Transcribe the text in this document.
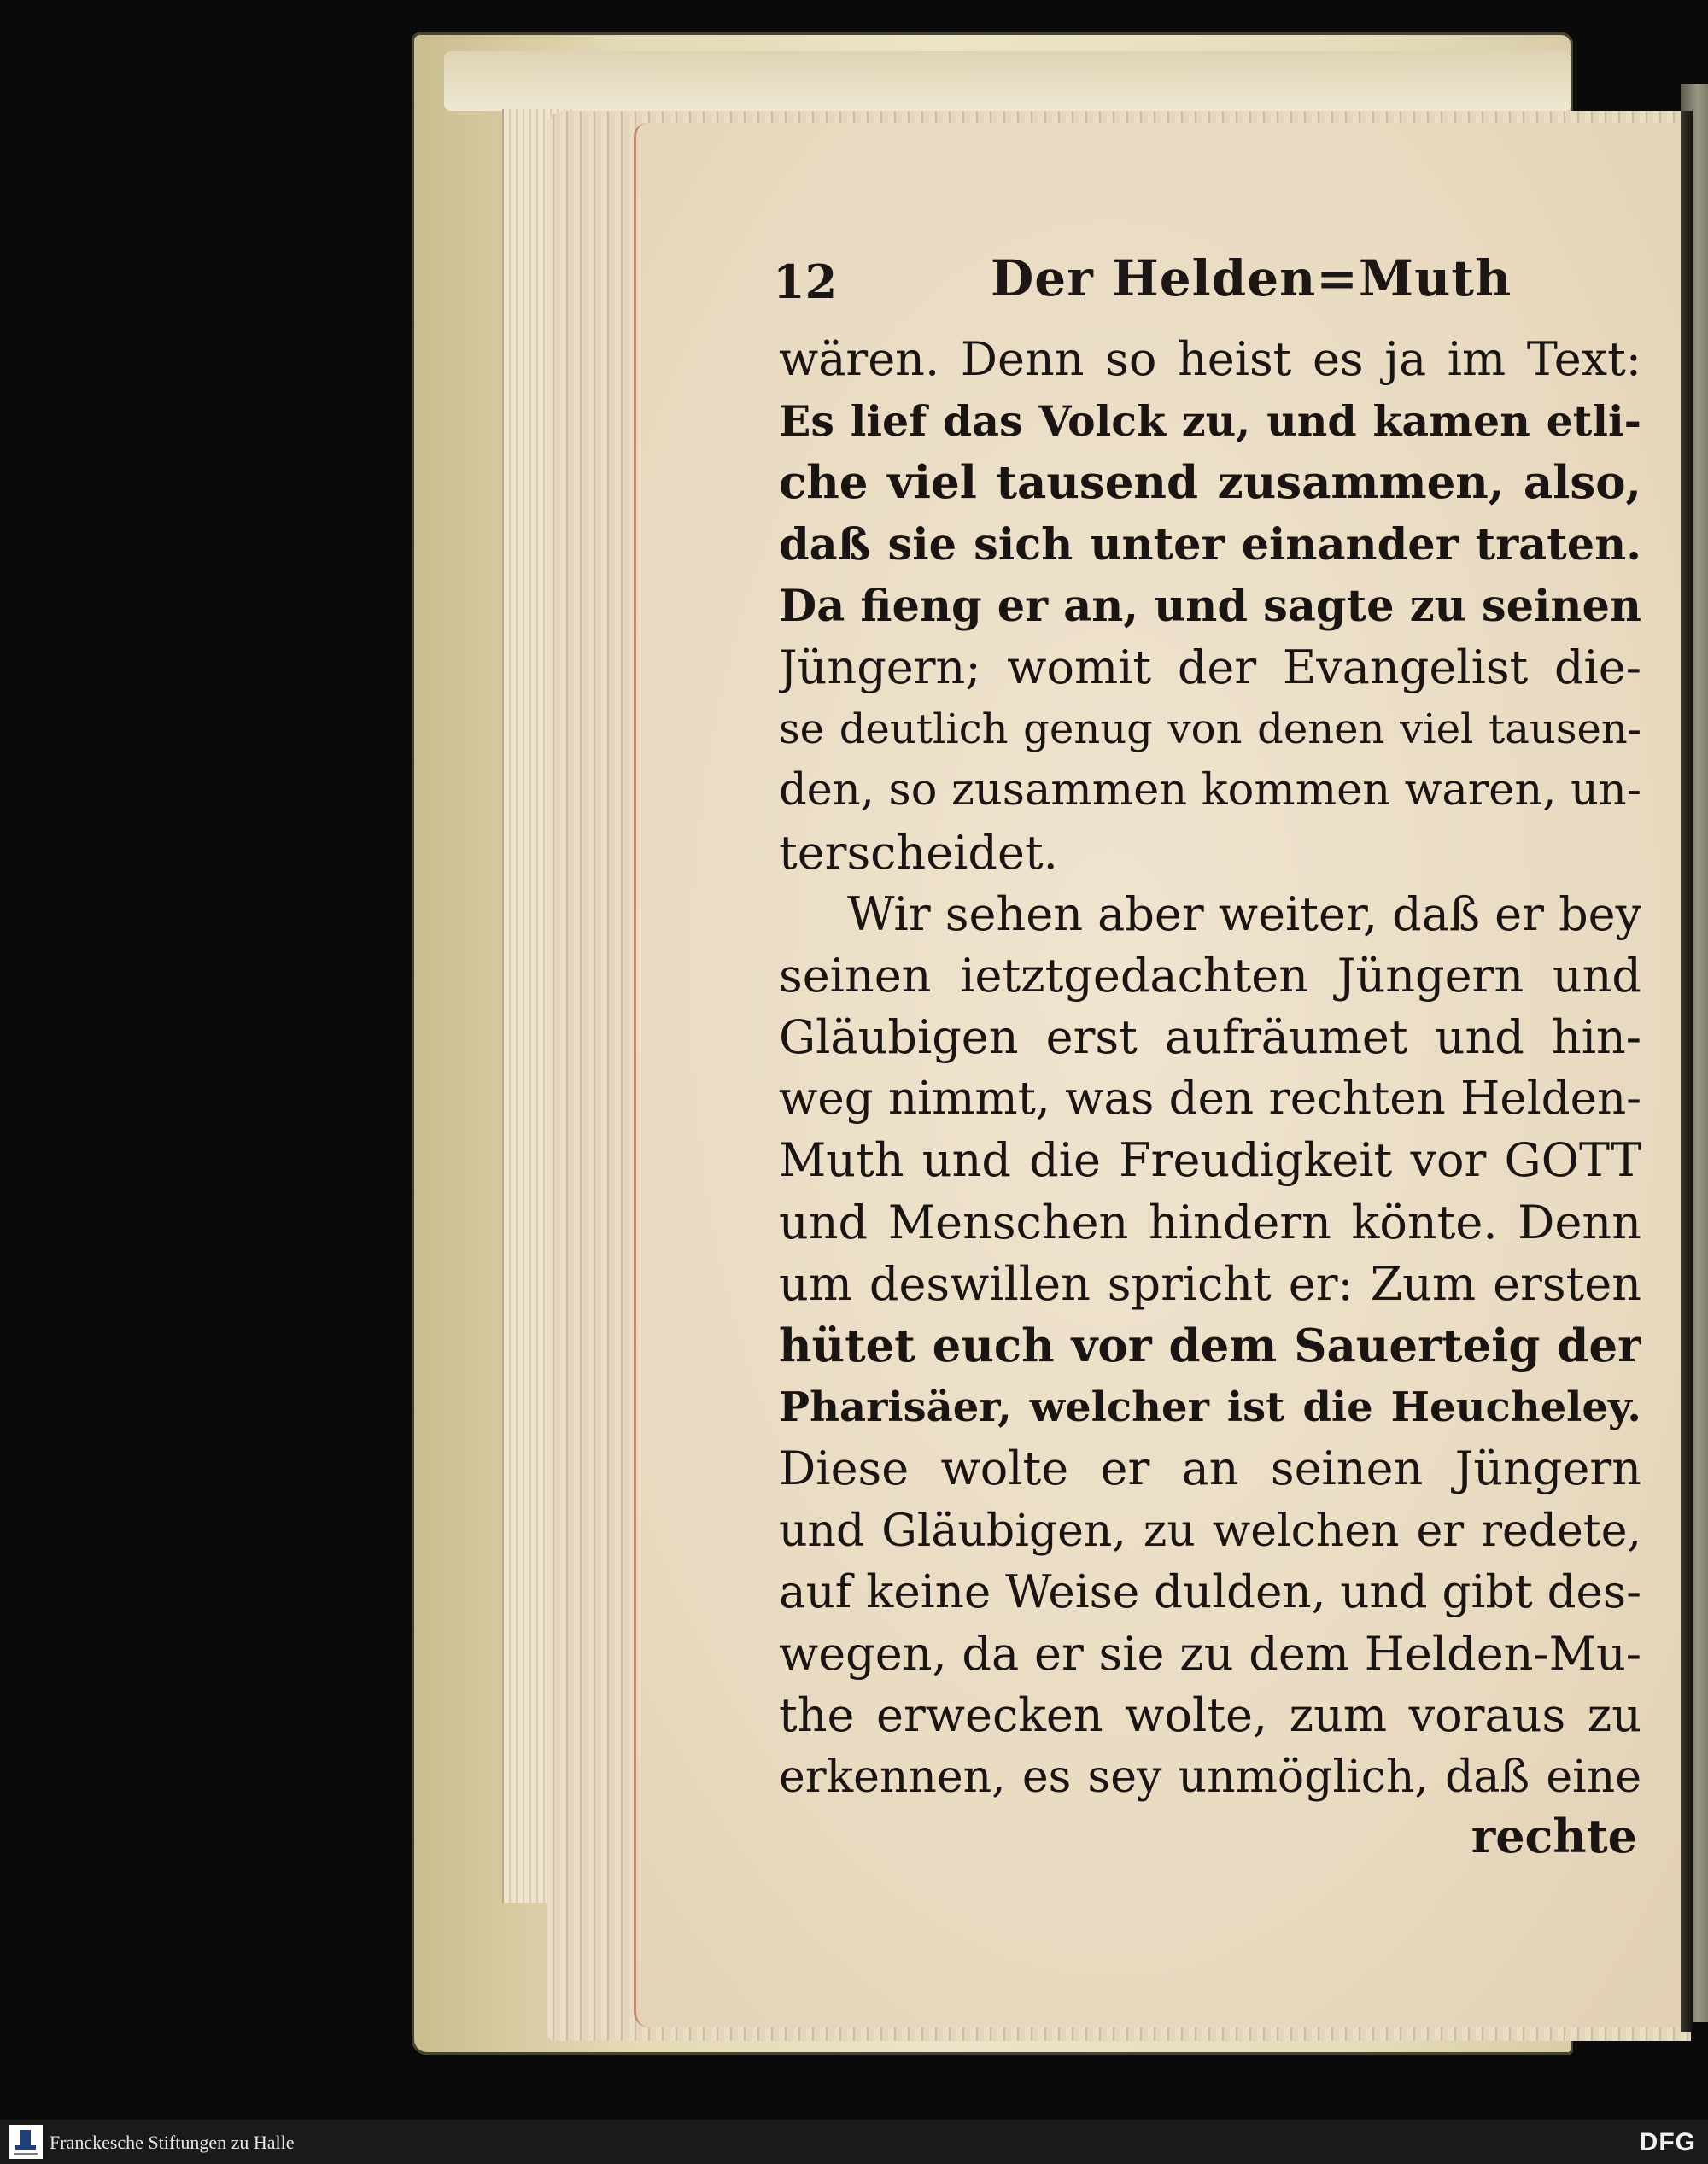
12	Der Helden=Muth
wären. Denn so heist es ja im Text:
Es lief das Volck zu, und kamen etli-
che viel tausend zusammen, also,
daß sie sich unter einander traten.
Da fieng er an, und sagte zu seinen
Jüngern; womit der Evangelist die-
se deutlich genug von denen viel tausen-
den, so zusammen kommen waren, un-
terscheidet.
Wir sehen aber weiter, daß er bey
seinen ietztgedachten Jüngern und
Gläubigen erst aufräumet und hin-
weg nimmt, was den rechten Helden-
Muth und die Freudigkeit vor GOTT
und Menschen hindern könte. Denn
um deswillen spricht er: Zum ersten
hütet euch vor dem Sauerteig der
Pharisäer, welcher ist die Heucheley.
Diese wolte er an seinen Jüngern
und Gläubigen, zu welchen er redete,
auf keine Weise dulden, und gibt des-
wegen, da er sie zu dem Helden-Mu-
the erwecken wolte, zum voraus zu
erkennen, es sey unmöglich, daß eine
rechte
Franckesche Stiftungen zu Halle	DFG
